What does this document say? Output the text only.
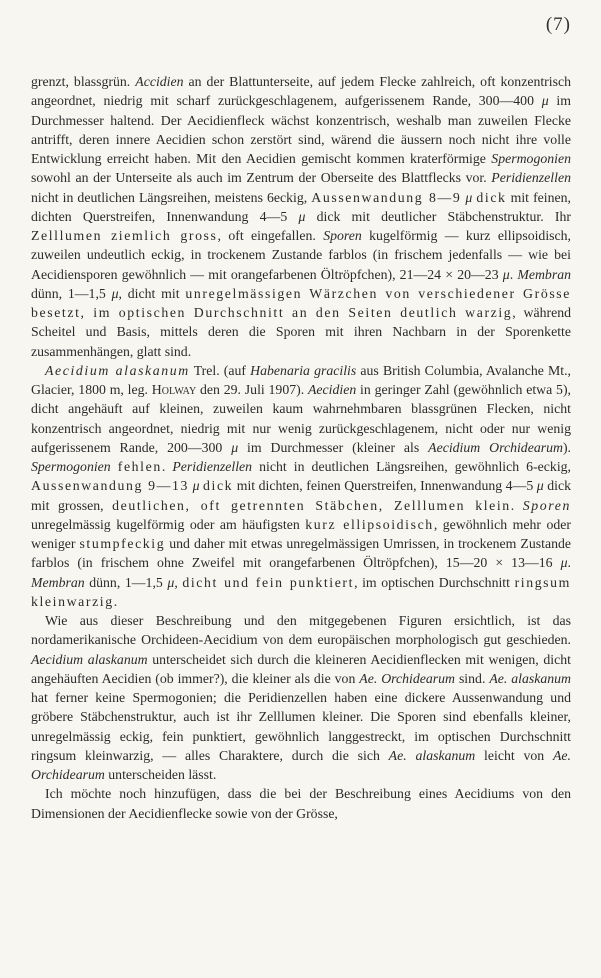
(7)

grenzt, blassgrün. Accidien an der Blattunterseite, auf jedem Flecke zahlreich, oft konzentrisch angeordnet, niedrig mit scharf zurückgeschlagenem, aufgerissenem Rande, 300—400 μ im Durchmesser haltend. Der Aecidienfleck wächst konzentrisch, weshalb man zuweilen Flecke antrifft, deren innere Aecidien schon zerstört sind, wärend die äussern noch nicht ihre volle Entwicklung erreicht haben. Mit den Aecidien gemischt kommen kraterförmige Spermogonien sowohl an der Unterseite als auch im Zentrum der Oberseite des Blattflecks vor. Peridienzellen nicht in deutlichen Längsreihen, meistens 6eckig, Aussenwandung 8—9 μ dick mit feinen, dichten Querstreifen, Innenwandung 4—5 μ dick mit deutlicher Stäbchenstruktur. Ihr Zelllumen ziemlich gross, oft eingefallen. Sporen kugelförmig — kurz ellipsoidisch, zuweilen undeutlich eckig, in trockenem Zustande farblos (in frischem jedenfalls — wie bei Aecidiensporen gewöhnlich — mit orangefarbenen Öltröpfchen), 21—24 × 20—23 μ. Membran dünn, 1—1,5 μ, dicht mit unregelmässigen Wärzchen von verschiedener Grösse besetzt, im optischen Durchschnitt an den Seiten deutlich warzig, während Scheitel und Basis, mittels deren die Sporen mit ihren Nachbarn in der Sporenkette zusammenhängen, glatt sind.

Aecidium alaskanum Trel. (auf Habenaria gracilis aus British Columbia, Avalanche Mt., Glacier, 1800 m, leg. Holway den 29. Juli 1907). Aecidien in geringer Zahl (gewöhnlich etwa 5), dicht angehäuft auf kleinen, zuweilen kaum wahrnehmbaren blassgrünen Flecken, nicht konzentrisch angeordnet, niedrig mit nur wenig zurückgeschlagenem, nicht oder nur wenig aufgerissenem Rande, 200—300 μ im Durchmesser (kleiner als Aecidium Orchidearum). Spermogonien fehlen. Peridienzellen nicht in deutlichen Längsreihen, gewöhnlich 6-eckig, Aussenwandung 9—13 μ dick mit dichten, feinen Querstreifen, Innenwandung 4—5 μ dick mit grossen, deutlichen, oft getrennten Stäbchen, Zelllumen klein. Sporen unregelmässig kugelförmig oder am häufigsten kurz ellipsoidisch, gewöhnlich mehr oder weniger stumpfeckig und daher mit etwas unregelmässigen Umrissen, in trockenem Zustande farblos (in frischem ohne Zweifel mit orangefarbenen Öltröpfchen), 15—20 × 13—16 μ. Membran dünn, 1—1,5 μ, dicht und fein punktiert, im optischen Durchschnitt ringsum kleinwarzig.

Wie aus dieser Beschreibung und den mitgegebenen Figuren ersichtlich, ist das nordamerikanische Orchideen-Aecidium von dem europäischen morphologisch gut geschieden. Aecidium alaskanum unterscheidet sich durch die kleineren Aecidienflecken mit wenigen, dicht angehäuften Aecidien (ob immer?), die kleiner als die von Ae. Orchidearum sind. Ae. alaskanum hat ferner keine Spermogonien; die Peridienzellen haben eine dickere Aussenwandung und gröbere Stäbchenstruktur, auch ist ihr Zelllumen kleiner. Die Sporen sind ebenfalls kleiner, unregelmässig eckig, fein punktiert, gewöhnlich langgestreckt, im optischen Durchschnitt ringsum kleinwarzig, — alles Charaktere, durch die sich Ae. alaskanum leicht von Ae. Orchidearum unterscheiden lässt.

Ich möchte noch hinzufügen, dass die bei der Beschreibung eines Aecidiums von den Dimensionen der Aecidienflecke sowie von der Grösse,
